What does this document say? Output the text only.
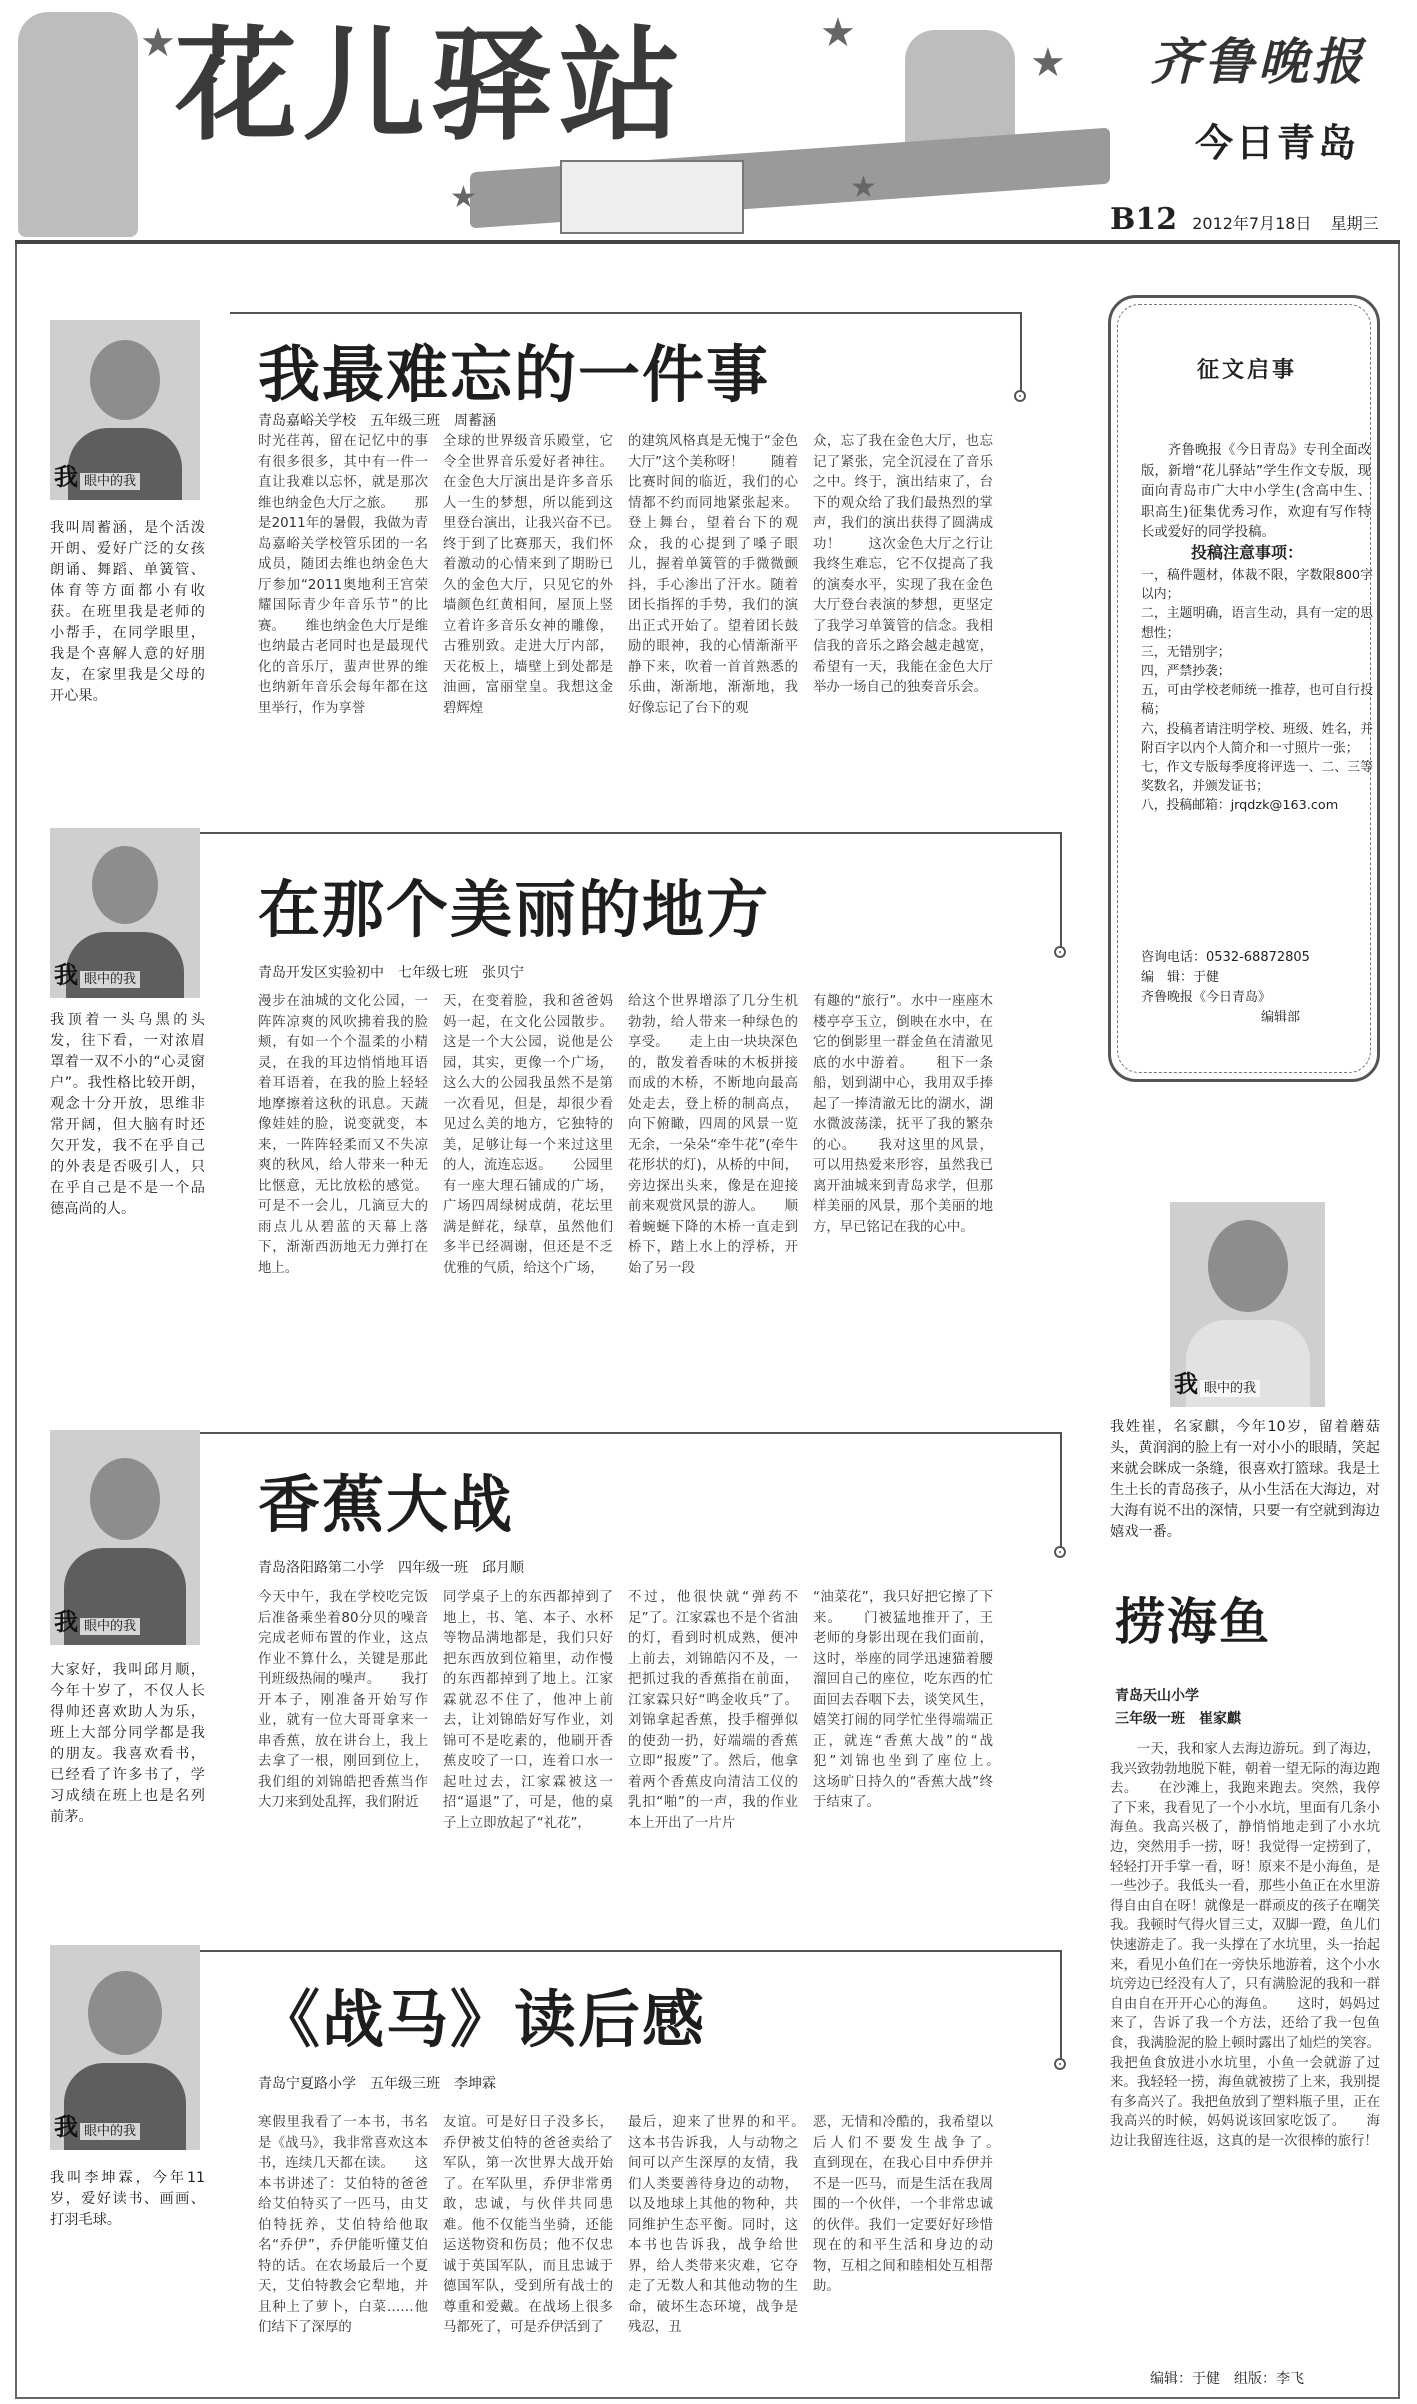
★	★
★
★	★
花儿驿站	齐鲁晚报
今日青岛
B12 2012年7月18日 星期三
我最难忘的一件事
青岛嘉峪关学校　五年级三班　周蓄涵
我眼中的我
我叫周蓄涵，是个活泼开朗、爱好广泛的女孩朗诵、舞蹈、单簧管、体育等方面都小有收获。在班里我是老师的小帮手，在同学眼里，我是个喜解人意的好朋友，在家里我是父母的开心果。
时光荏苒，留在记忆中的事有很多很多，其中有一件一直让我难以忘怀，就是那次维也纳金色大厅之旅。　　那是2011年的暑假，我做为青岛嘉峪关学校管乐团的一名成员，随团去维也纳金色大厅参加“2011奥地利王宫荣耀国际青少年音乐节”的比赛。　　维也纳金色大厅是维也纳最古老同时也是最现代化的音乐厅，蜚声世界的维也纳新年音乐会每年都在这里举行，作为享誉
全球的世界级音乐殿堂，它令全世界音乐爱好者神往。在金色大厅演出是许多音乐人一生的梦想，所以能到这里登台演出，让我兴奋不已。　　终于到了比赛那天，我们怀着激动的心情来到了期盼已久的金色大厅，只见它的外墙颜色红黄相间，屋顶上竖立着许多音乐女神的雕像，古雅别致。走进大厅内部，天花板上，墙壁上到处都是油画，富丽堂皇。我想这金碧辉煌
的建筑风格真是无愧于“金色大厅”这个美称呀！　　随着比赛时间的临近，我们的心情都不约而同地紧张起来。登上舞台，望着台下的观众，我的心提到了嗓子眼儿，握着单簧管的手微微颤抖，手心渗出了汗水。随着团长指挥的手势，我们的演出正式开始了。望着团长鼓励的眼神，我的心情渐渐平静下来，吹着一首首熟悉的乐曲，渐渐地，渐渐地，我好像忘记了台下的观
众，忘了我在金色大厅，也忘记了紧张，完全沉浸在了音乐之中。终于，演出结束了，台下的观众给了我们最热烈的掌声，我们的演出获得了圆满成功！　　这次金色大厅之行让我终生难忘，它不仅提高了我的演奏水平，实现了我在金色大厅登台表演的梦想，更坚定了我学习单簧管的信念。我相信我的音乐之路会越走越宽，希望有一天，我能在金色大厅举办一场自己的独奏音乐会。
在那个美丽的地方
青岛开发区实验初中　七年级七班　张贝宁
我眼中的我
我顶着一头乌黑的头发，往下看，一对浓眉罩着一双不小的“心灵窗户”。我性格比较开朗，观念十分开放，思维非常开阔，但大脑有时还欠开发，我不在乎自己的外表是否吸引人，只在乎自己是不是一个品德高尚的人。
漫步在油城的文化公园，一阵阵凉爽的风吹拂着我的脸颊，有如一个个温柔的小精灵，在我的耳边悄悄地耳语着耳语着，在我的脸上轻轻地摩擦着这秋的讯息。天蔬像娃娃的脸，说变就变，本来，一阵阵轻柔而又不失凉爽的秋风，给人带来一种无比惬意，无比放松的感觉。可是不一会儿，几滴豆大的雨点儿从碧蓝的天幕上落下，渐渐西沥地无力弹打在地上。
天，在变着脸，我和爸爸妈妈一起，在文化公园散步。这是一个大公园，说他是公园，其实，更像一个广场，这么大的公园我虽然不是第一次看见，但是，却很少看见过么美的地方，它独特的美，足够让每一个来过这里的人，流连忘返。　　公园里有一座大理石铺成的广场，广场四周绿树成荫，花坛里满是鲜花，绿草，虽然他们多半已经凋谢，但还是不乏优雅的气质，给这个广场，
给这个世界增添了几分生机勃勃，给人带来一种绿色的享受。　　走上由一块块深色的，散发着香味的木板拼接而成的木桥，不断地向最高处走去，登上桥的制高点，向下俯瞰，四周的风景一览无余，一朵朵“牵牛花”(牵牛花形状的灯)，从桥的中间，旁边探出头来，像是在迎接前来观赏风景的游人。　　顺着蜿蜒下降的木桥一直走到桥下，踏上水上的浮桥，开始了另一段
有趣的“旅行”。水中一座座木楼亭亭玉立，倒映在水中，在它的倒影里一群金鱼在清澈见底的水中游着。　　租下一条船，划到湖中心，我用双手捧起了一捧清澈无比的湖水，湖水微波荡漾，抚平了我的繁杂的心。　　我对这里的风景，可以用热爱来形容，虽然我已离开油城来到青岛求学，但那样美丽的风景，那个美丽的地方，早已铭记在我的心中。
香蕉大战
青岛洛阳路第二小学　四年级一班　邱月顺
我眼中的我
大家好，我叫邱月顺，今年十岁了，不仅人长得帅还喜欢助人为乐，班上大部分同学都是我的朋友。我喜欢看书，已经看了许多书了，学习成绩在班上也是名列前茅。
今天中午，我在学校吃完饭后准备乘坐着80分贝的噪音完成老师布置的作业，这点作业不算什么，关键是那此刊班级热闹的噪声。　　我打开本子，刚准备开始写作业，就有一位大哥哥拿来一串香蕉，放在讲台上，我上去拿了一根，刚回到位上，我们组的刘锦皓把香蕉当作大刀来到处乱挥，我们附近
同学桌子上的东西都掉到了地上，书、笔、本子、水杯等物品满地都是，我们只好把东西放到位箱里，动作慢的东西都掉到了地上。江家霖就忍不住了，他冲上前去，让刘锦皓好写作业，刘锦可不是吃素的，他刷开香蕉皮咬了一口，连着口水一起吐过去，江家霖被这一招“逼退”了，可是，他的桌子上立即放起了“礼花”，
不过，他很快就“弹药不足”了。江家霖也不是个省油的灯，看到时机成熟，便冲上前去，刘锦皓闪不及，一把抓过我的香蕉指在前面，江家霖只好“鸣金收兵”了。刘锦拿起香蕉，投手榴弹似的使劲一扔，好端端的香蕉立即“报废”了。然后，他拿着两个香蕉皮向清洁工仪的乳扣“啪”的一声，我的作业本上开出了一片片
“油菜花”，我只好把它擦了下来。　　门被猛地推开了，王老师的身影出现在我们面前，这时，举座的同学迅速猫着腰溜回自己的座位，吃东西的忙面回去吞咽下去，谈笑风生，嬉笑打闹的同学忙坐得端端正正，就连“香蕉大战”的“战犯”刘锦也坐到了座位上。　　这场旷日持久的“香蕉大战”终于结束了。
《战马》读后感
青岛宁夏路小学　五年级三班　李坤霖
我眼中的我
我叫李坤霖，今年11岁，爱好读书、画画、打羽毛球。
寒假里我看了一本书，书名是《战马》，我非常喜欢这本书，连续几天都在读。　　这本书讲述了：艾伯特的爸爸给艾伯特买了一匹马，由艾伯特抚养，艾伯特给他取名“乔伊”，乔伊能听懂艾伯特的话。在农场最后一个夏天，艾伯特教会它犁地，并且种上了萝卜，白菜……他们结下了深厚的
友谊。可是好日子没多长，乔伊被艾伯特的爸爸卖给了军队，第一次世界大战开始了。在军队里，乔伊非常勇敢，忠诚，与伙伴共同患难。他不仅能当坐骑，还能运送物资和伤员；他不仅忠诚于英国军队，而且忠诚于德国军队，受到所有战士的尊重和爱戴。在战场上很多马都死了，可是乔伊活到了
最后，迎来了世界的和平。　　这本书告诉我，人与动物之间可以产生深厚的友情，我们人类要善待身边的动物，以及地球上其他的物种，共同维护生态平衡。同时，这本书也告诉我，战争给世界，给人类带来灾难，它夺走了无数人和其他动物的生命，破坏生态环境，战争是残忍，丑
恶，无情和冷酷的，我希望以后人们不要发生战争了。　　直到现在，在我心目中乔伊并不是一匹马，而是生活在我周围的一个伙伴，一个非常忠诚的伙伴。我们一定要好好珍惜现在的和平生活和身边的动物，互相之间和睦相处互相帮助。
征文启事
齐鲁晚报《今日青岛》专刊全面改版，新增“花儿驿站”学生作文专版，现面向青岛市广大中小学生(含高中生、职高生)征集优秀习作，欢迎有写作特长或爱好的同学投稿。
投稿注意事项：
一，稿件题材，体裁不限，字数限800字以内；
二，主题明确，语言生动，具有一定的思想性；
三，无错别字；
四，严禁抄袭；
五，可由学校老师统一推荐，也可自行投稿；
六，投稿者请注明学校、班级、姓名，并附百字以内个人简介和一寸照片一张；
七，作文专版每季度将评选一、二、三等奖数名，并颁发证书；
八，投稿邮箱：jrqdzk@163.com
咨询电话：0532-68872805
编　辑：于健
齐鲁晚报《今日青岛》
编辑部
我眼中的我
我姓崔，名家麒，今年10岁，留着蘑菇头，黄润润的脸上有一对小小的眼睛，笑起来就会眯成一条缝，很喜欢打篮球。我是土生土长的青岛孩子，从小生活在大海边，对大海有说不出的深情，只要一有空就到海边嬉戏一番。
捞海鱼
青岛天山小学
三年级一班　崔家麒
一天，我和家人去海边游玩。到了海边，我兴致勃勃地脱下鞋，朝着一望无际的海边跑去。　　在沙滩上，我跑来跑去。突然，我停了下来，我看见了一个小水坑，里面有几条小海鱼。我高兴极了，静悄悄地走到了小水坑边，突然用手一捞，呀！我觉得一定捞到了，轻轻打开手掌一看，呀！原来不是小海鱼，是一些沙子。我低头一看，那些小鱼正在水里游得自由自在呀！就像是一群顽皮的孩子在嘲笑我。我顿时气得火冒三丈，双脚一蹬，鱼儿们快速游走了。我一头撑在了水坑里，头一抬起来，看见小鱼们在一旁快乐地游着，这个小水坑旁边已经没有人了，只有满脸泥的我和一群自由自在开开心心的海鱼。　　这时，妈妈过来了，告诉了我一个方法，还给了我一包鱼食，我满脸泥的脸上顿时露出了灿烂的笑容。我把鱼食放进小水坑里，小鱼一会就游了过来。我轻轻一捞，海鱼就被捞了上来，我别提有多高兴了。我把鱼放到了塑料瓶子里，正在我高兴的时候，妈妈说该回家吃饭了。　　海边让我留连往返，这真的是一次很棒的旅行！
编辑：于健　组版：李飞
